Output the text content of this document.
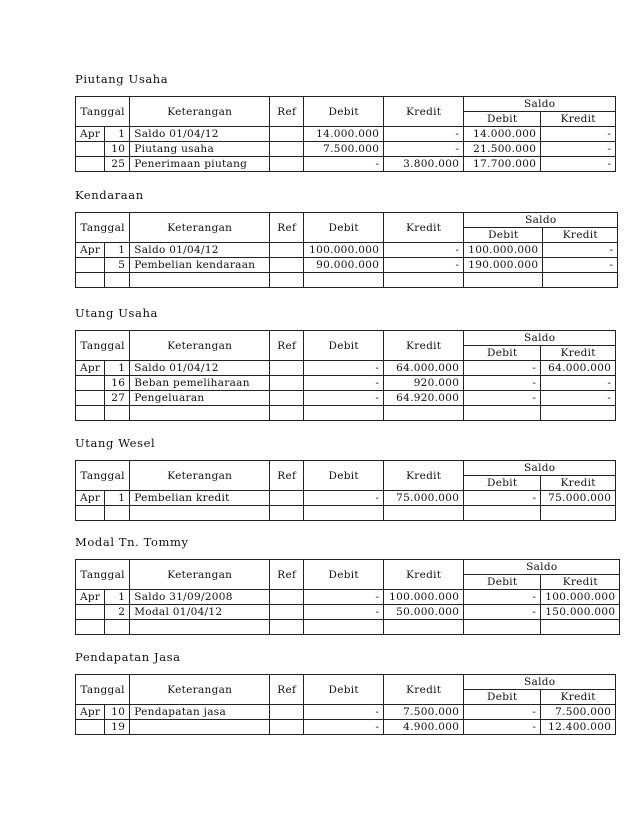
Piutang Usaha
Tanggal		Keterangan	Ref	Debit	Kredit	Saldo	
						Debit	Kredit
Apr	1	Saldo 01/04/12		14.000.000	-	14.000.000	-
	10	Piutang usaha		7.500.000	-	21.500.000	-
	25	Penerimaan piutang		-	3.800.000	17.700.000	-
Kendaraan
Tanggal		Keterangan	Ref	Debit	Kredit	Saldo	
						Debit	Kredit
Apr	1	Saldo 01/04/12		100.000.000	-	100.000.000	-
	5	Pembelian kendaraan		90.000.000	-	190.000.000	-

Utang Usaha
Tanggal		Keterangan	Ref	Debit	Kredit	Saldo	
						Debit	Kredit
Apr	1	Saldo 01/04/12		-	64.000.000	-	64.000.000
	16	Beban pemeliharaan		-	920.000	-	-
	27	Pengeluaran		-	64.920.000	-	-

Utang Wesel
Tanggal		Keterangan	Ref	Debit	Kredit	Saldo	
						Debit	Kredit
Apr	1	Pembelian kredit		-	75.000.000	-	75.000.000

Modal Tn. Tommy
Tanggal		Keterangan	Ref	Debit	Kredit	Saldo	
						Debit	Kredit
Apr	1	Saldo 31/09/2008		-	100.000.000	-	100.000.000
	2	Modal 01/04/12		-	50.000.000	-	150.000.000

Pendapatan Jasa
Tanggal		Keterangan	Ref	Debit	Kredit	Saldo	
						Debit	Kredit
Apr	10	Pendapatan jasa		-	7.500.000	-	7.500.000
	19			-	4.900.000	-	12.400.000
